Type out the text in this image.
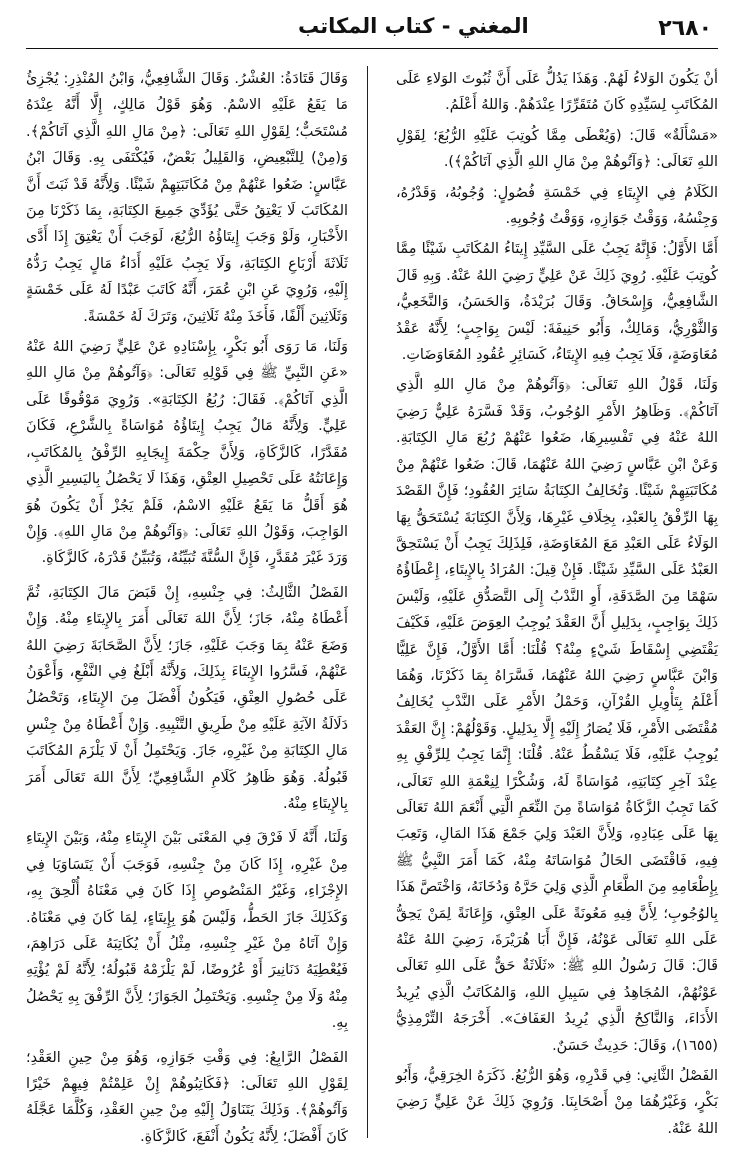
٢٦٨٠
المغني - كتاب المكاتب

أنْ يَكُونَ الوَلاءُ لَهُمْ. وَهَذَا يَدُلُّ عَلَى أَنَّ ثُبُوتَ الوَلاءِ عَلَى المُكَاتَبِ لِسَيِّدِهِ كَانَ مُتَقَرِّرًا عِنْدَهُمْ. وَاللهُ أَعْلَمُ.

«مَسْأَلَةٌ» قَالَ: (وَيُعْطَى مِمَّا كُوتِبَ عَلَيْهِ الرُّبُعَ؛ لِقَوْلِ اللهِ تَعَالَى: ﴿وَآتُوهُمْ مِنْ مَالِ اللهِ الَّذِي آتَاكُمْ﴾).

الكَلَامُ فِي الإِيتَاءِ فِي خَمْسَةِ فُصُولٍ: وُجُوبُهُ، وَقَدْرُهُ، وَجِنْسُهُ، وَوَقْتُ جَوَازِهِ، وَوَقْتُ وُجُوبِهِ.

أَمَّا الأَوَّلُ: فَإِنَّهُ يَجِبُ عَلَى السَّيِّدِ إِيتَاءُ المُكَاتَبِ شَيْئًا مِمَّا كُوتِبَ عَلَيْهِ. رُوِيَ ذَلِكَ عَنْ عَلِيٍّ رَضِيَ اللهُ عَنْهُ. وَبِهِ قَالَ الشَّافِعِيُّ، وَإِسْحَاقُ. وَقَالَ بُرَيْدَةُ، وَالحَسَنُ، وَالنَّخَعِيُّ، وَالثَّوْرِيُّ، وَمَالِكٌ، وَأَبُو حَنِيفَةَ: لَيْسَ بِوَاجِبٍ؛ لِأَنَّهُ عَقْدُ مُعَاوَضَةٍ، فَلَا يَجِبُ فِيهِ الإِيتَاءُ، كَسَائِرِ عُقُودِ المُعَاوَضَاتِ.

وَلَنَا، قَوْلُ اللهِ تَعَالَى: ﴿وَآتُوهُمْ مِنْ مَالِ اللهِ الَّذِي آتَاكُمْ﴾. وَظَاهِرُ الأَمْرِ الوُجُوبُ، وَقَدْ فَسَّرَهُ عَلِيٌّ رَضِيَ اللهُ عَنْهُ فِي تَفْسِيرِهَا، ضَعُوا عَنْهُمْ رُبُعَ مَالِ الكِتَابَةِ. وَعَنْ ابْنِ عَبَّاسٍ رَضِيَ اللهُ عَنْهُمَا، قَالَ: ضَعُوا عَنْهُمْ مِنْ مُكَاتَبَتِهِمْ شَيْئًا. وَتُخَالِفُ الكِتَابَةُ سَائِرَ العُقُودِ؛ فَإِنَّ القَصْدَ بِهَا الرِّفْقُ بِالعَبْدِ، بِخِلَافِ غَيْرِهَا، وَلِأَنَّ الكِتَابَةَ يُسْتَحَقُّ بِهَا الوَلَاءُ عَلَى العَبْدِ مَعَ المُعَاوَضَةِ، فَلِذَلِكَ يَجِبُ أَنْ يَسْتَحِقَّ العَبْدُ عَلَى السَّيِّدِ شَيْئًا. فَإِنْ قِيلَ: المُرَادُ بِالإِيتَاءِ، إِعْطَاؤُهُ سَهْمًا مِنَ الصَّدَقَةِ، أَوِ النَّدْبُ إِلَى التَّصَدُّقِ عَلَيْهِ، وَلَيْسَ ذَلِكَ بِوَاجِبٍ، بِدَلِيلِ أَنَّ العَقْدَ يُوجِبُ العِوَضَ عَلَيْهِ، فَكَيْفَ يَقْتَضِي إِسْقَاطَ شَيْءٍ مِنْهُ؟ قُلْنَا: أَمَّا الأَوَّلُ، فَإِنَّ عَلِيًّا وَابْنَ عَبَّاسٍ رَضِيَ اللهُ عَنْهُمَا، فَسَّرَاهُ بِمَا ذَكَرْنَا، وَهُمَا أَعْلَمُ بِتَأْوِيلِ القُرْآنِ، وَحَمْلُ الأَمْرِ عَلَى النَّدْبِ يُخَالِفُ مُقْتَضَى الأَمْرِ، فَلَا يُصَارُ إِلَيْهِ إِلَّا بِدَلِيلٍ. وَقَوْلُهُمْ: إِنَّ العَقْدَ يُوجِبُ عَلَيْهِ، فَلَا يَسْقُطُ عَنْهُ. قُلْنَا: إِنَّمَا يَجِبُ لِلرِّفْقِ بِهِ عِنْدَ آخِرِ كِتَابَتِهِ، مُوَاسَاةً لَهُ، وَشُكْرًا لِنِعْمَةِ اللهِ تَعَالَى، كَمَا تَجِبُ الزَّكَاةُ مُوَاسَاةً مِنَ النِّعَمِ الَّتِي أَنْعَمَ اللهُ تَعَالَى بِهَا عَلَى عِبَادِهِ، وَلِأَنَّ العَبْدَ وَلِيَ جَمْعَ هَذَا المَالِ، وَتَعِبَ فِيهِ، فَاقْتَضَى الحَالُ مُوَاسَاتَهُ مِنْهُ، كَمَا أَمَرَ النَّبِيُّ ﷺ بِإِطْعَامِهِ مِنَ الطَّعَامِ الَّذِي وَلِيَ حَرَّهُ وَدُخَانَهُ، وَاخْتَصَّ هَذَا بِالوُجُوبِ؛ لِأَنَّ فِيهِ مَعُونَةً عَلَى العِتْقِ، وَإِعَانَةً لِمَنْ يَحِقُّ عَلَى اللهِ تَعَالَى عَوْنُهُ، فَإِنَّ أَبَا هُرَيْرَةَ، رَضِيَ اللهُ عَنْهُ قَالَ: قَالَ رَسُولُ اللهِ ﷺ: «ثَلَاثَةٌ حَقٌّ عَلَى اللهِ تَعَالَى عَوْنُهُمْ، المُجَاهِدُ فِي سَبِيلِ اللهِ، وَالمُكَاتَبُ الَّذِي يُرِيدُ الأَدَاءَ، وَالنَّاكِحُ الَّذِي يُرِيدُ العَفَافَ». أَخْرَجَهُ التِّرْمِذِيُّ (١٦٥٥)، وَقَالَ: حَدِيثٌ حَسَنٌ.

الفَصْلُ الثَّانِي: فِي قَدْرِهِ، وَهُوَ الرُّبُعُ. ذَكَرَهُ الخِرَقِيُّ، وَأَبُو بَكْرٍ، وَغَيْرُهُمَا مِنْ أَصْحَابِنَا. وَرُوِيَ ذَلِكَ عَنْ عَلِيٍّ رَضِيَ اللهُ عَنْهُ.

وَقَالَ قَتَادَةُ: العُشْرُ. وَقَالَ الشَّافِعِيُّ، وَابْنُ المُنْذِرِ: يُجْزِئُ مَا يَقَعُ عَلَيْهِ الاسْمُ. وَهُوَ قَوْلُ مَالِكٍ، إِلَّا أَنَّهُ عِنْدَهُ مُسْتَحَبٌّ؛ لِقَوْلِ اللهِ تَعَالَى: ﴿مِنْ مَالِ اللهِ الَّذِي آتَاكُمْ﴾. وَ(مِنْ) لِلتَّبْعِيضِ، وَالقَلِيلُ بَعْضٌ، فَيُكْتَفَى بِهِ. وَقَالَ ابْنُ عَبَّاسٍ: ضَعُوا عَنْهُمْ مِنْ مُكَاتَبَتِهِمْ شَيْئًا. وَلِأَنَّهُ قَدْ ثَبَتَ أَنَّ المُكَاتَبَ لَا يَعْتِقُ حَتَّى يُؤَدِّيَ جَمِيعَ الكِتَابَةِ، بِمَا ذَكَرْنَا مِنَ الأَخْبَارِ، وَلَوْ وَجَبَ إِيتَاؤُهُ الرُّبُعَ، لَوَجَبَ أَنْ يَعْتِقَ إِذَا أَدَّى ثَلَاثَةَ أَرْبَاعِ الكِتَابَةِ، وَلَا يَجِبُ عَلَيْهِ أَدَاءُ مَالٍ يَجِبُ رَدُّهُ إِلَيْهِ، وَرُوِيَ عَنِ ابْنِ عُمَرَ، أَنَّهُ كَاتَبَ عَبْدًا لَهُ عَلَى خَمْسَةٍ وَثَلَاثِينَ أَلْفًا، فَأَخَذَ مِنْهُ ثَلَاثِينَ، وَتَرَكَ لَهُ خَمْسَةً.

وَلَنَا، مَا رَوَى أَبُو بَكْرٍ، بِإِسْنَادِهِ عَنْ عَلِيٍّ رَضِيَ اللهُ عَنْهُ «عَنِ النَّبِيِّ ﷺ فِي قَوْلِهِ تَعَالَى: ﴿وَآتُوهُمْ مِنْ مَالِ اللهِ الَّذِي آتَاكُمْ﴾. فَقَالَ: رُبُعُ الكِتَابَةِ». وَرُوِيَ مَوْقُوفًا عَلَى عَلِيٍّ. وَلِأَنَّهُ مَالٌ يَجِبُ إِيتَاؤُهُ مُوَاسَاةً بِالشَّرْعِ، فَكَانَ مُقَدَّرًا، كَالزَّكَاةِ، وَلِأَنَّ حِكْمَةَ إِيجَابِهِ الرِّفْقُ بِالمُكَاتَبِ، وَإِعَانَتُهُ عَلَى تَحْصِيلِ العِتْقِ، وَهَذَا لَا يَحْصُلُ بِاليَسِيرِ الَّذِي هُوَ أَقَلُّ مَا يَقَعُ عَلَيْهِ الاسْمُ، فَلَمْ يَجُزْ أَنْ يَكُونَ هُوَ الوَاجِبَ، وَقَوْلُ اللهِ تَعَالَى: ﴿وَآتُوهُمْ مِنْ مَالِ اللهِ﴾. وَإِنْ وَرَدَ غَيْرَ مُقَدَّرٍ، فَإِنَّ السُّنَّةَ تُبَيِّنُهُ، وَتُبَيِّنُ قَدْرَهُ، كَالزَّكَاةِ.

الفَصْلُ الثَّالِثُ: فِي جِنْسِهِ، إِنْ قَبَضَ مَالَ الكِتَابَةِ، ثُمَّ أَعْطَاهُ مِنْهُ، جَازَ؛ لِأَنَّ اللهَ تَعَالَى أَمَرَ بِالإِيتَاءِ مِنْهُ. وَإِنْ وَضَعَ عَنْهُ بِمَا وَجَبَ عَلَيْهِ، جَازَ؛ لِأَنَّ الصَّحَابَةَ رَضِيَ اللهُ عَنْهُمْ، فَسَّرُوا الإِيتَاءَ بِذَلِكَ، وَلِأَنَّهُ أَبْلَغُ فِي النَّفْعِ، وَأَعْوَنُ عَلَى حُصُولِ العِتْقِ، فَيَكُونُ أَفْضَلَ مِنَ الإِيتَاءِ، وَتَحْصُلُ دَلَالَةُ الآيَةِ عَلَيْهِ مِنْ طَرِيقِ التَّنْبِيهِ. وَإِنْ أَعْطَاهُ مِنْ جِنْسِ مَالِ الكِتَابَةِ مِنْ غَيْرِهِ، جَازَ. وَيَحْتَمِلُ أَنْ لَا يَلْزَمَ المُكَاتَبَ قَبُولُهُ. وَهُوَ ظَاهِرُ كَلَامِ الشَّافِعِيِّ؛ لِأَنَّ اللهَ تَعَالَى أَمَرَ بِالإِيتَاءِ مِنْهُ.

وَلَنَا، أَنَّهُ لَا فَرْقَ فِي المَعْنَى بَيْنَ الإِيتَاءِ مِنْهُ، وَبَيْنَ الإِيتَاءِ مِنْ غَيْرِهِ، إِذَا كَانَ مِنْ جِنْسِهِ، فَوَجَبَ أَنْ يَتَسَاوَيَا فِي الإِجْزَاءِ، وَغَيْرُ المَنْصُوصِ إِذَا كَانَ فِي مَعْنَاهُ أُلْحِقَ بِهِ، وَكَذَلِكَ جَازَ الحَطُّ، وَلَيْسَ هُوَ بِإِيتَاءٍ، لِمَا كَانَ فِي مَعْنَاهُ. وَإِنْ آتَاهُ مِنْ غَيْرِ جِنْسِهِ، مِثْلُ أَنْ يُكَاتِبَهُ عَلَى دَرَاهِمَ، فَيُعْطِيَهُ دَنَانِيرَ أَوْ عُرُوضًا، لَمْ يَلْزَمْهُ قَبُولُهُ؛ لِأَنَّهُ لَمْ يُؤْتِهِ مِنْهُ وَلَا مِنْ جِنْسِهِ. وَيَحْتَمِلُ الجَوَازَ؛ لِأَنَّ الرِّفْقَ بِهِ يَحْصُلُ بِهِ.

الفَصْلُ الرَّابِعُ: فِي وَقْتِ جَوَازِهِ، وَهُوَ مِنْ حِينِ العَقْدِ؛ لِقَوْلِ اللهِ تَعَالَى: ﴿فَكَاتِبُوهُمْ إِنْ عَلِمْتُمْ فِيهِمْ خَيْرًا وَآتُوهُمْ﴾. وَذَلِكَ يَتَنَاوَلُ إِلَيْهِ مِنْ حِينِ العَقْدِ، وَكُلَّمَا عَجَّلَهُ كَانَ أَفْضَلَ؛ لِأَنَّهُ يَكُونُ أَنْفَعَ، كَالزَّكَاةِ.
